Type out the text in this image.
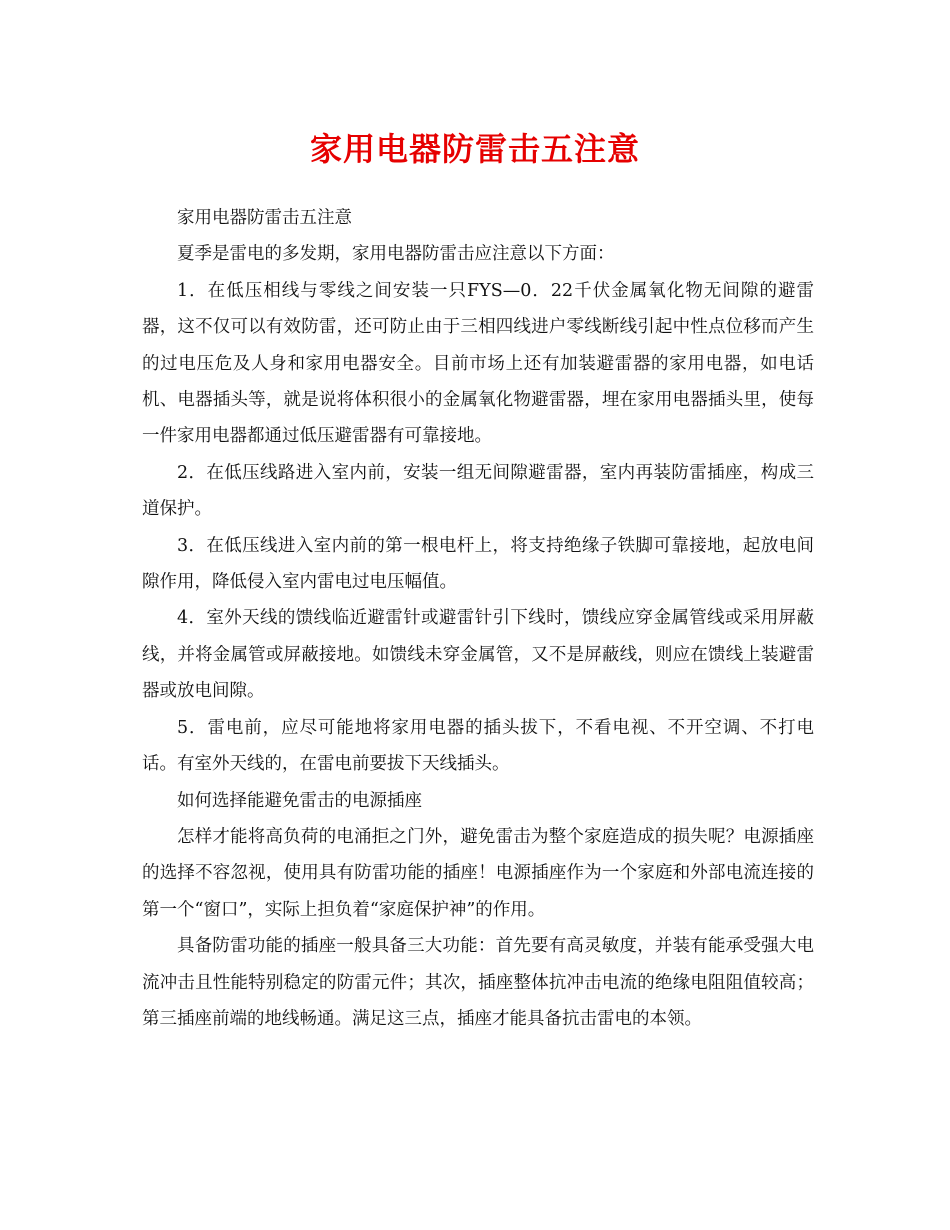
家用电器防雷击五注意

家用电器防雷击五注意

夏季是雷电的多发期，家用电器防雷击应注意以下方面：

1．在低压相线与零线之间安装一只FYS—0．22千伏金属氧化物无间隙的避雷器，这不仅可以有效防雷，还可防止由于三相四线进户零线断线引起中性点位移而产生的过电压危及人身和家用电器安全。目前市场上还有加装避雷器的家用电器，如电话机、电器插头等，就是说将体积很小的金属氧化物避雷器，埋在家用电器插头里，使每一件家用电器都通过低压避雷器有可靠接地。

2．在低压线路进入室内前，安装一组无间隙避雷器，室内再装防雷插座，构成三道保护。

3．在低压线进入室内前的第一根电杆上，将支持绝缘子铁脚可靠接地，起放电间隙作用，降低侵入室内雷电过电压幅值。

4．室外天线的馈线临近避雷针或避雷针引下线时，馈线应穿金属管线或采用屏蔽线，并将金属管或屏蔽接地。如馈线未穿金属管，又不是屏蔽线，则应在馈线上装避雷器或放电间隙。

5．雷电前，应尽可能地将家用电器的插头拔下，不看电视、不开空调、不打电话。有室外天线的，在雷电前要拔下天线插头。

如何选择能避免雷击的电源插座

怎样才能将高负荷的电涌拒之门外，避免雷击为整个家庭造成的损失呢？电源插座的选择不容忽视，使用具有防雷功能的插座！电源插座作为一个家庭和外部电流连接的第一个“窗口”，实际上担负着“家庭保护神”的作用。

具备防雷功能的插座一般具备三大功能：首先要有高灵敏度，并装有能承受强大电流冲击且性能特别稳定的防雷元件；其次，插座整体抗冲击电流的绝缘电阻阻值较高；第三插座前端的地线畅通。满足这三点，插座才能具备抗击雷电的本领。
